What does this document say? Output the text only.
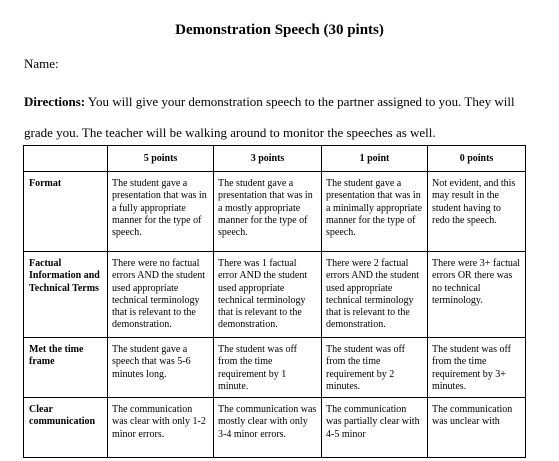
Demonstration Speech (30 pints)
Name:
Directions: You will give your demonstration speech to the partner assigned to you. They will grade you. The teacher will be walking around to monitor the speeches as well.
	5 points	3 points	1 point	0 points
Format	The student gave a presentation that was in a fully appropriate manner for the type of speech.	The student gave a presentation that was in a mostly appropriate manner for the type of speech.	The student gave a presentation that was in a minimally appropriate manner for the type of speech.	Not evident, and this may result in the student having to redo the speech.
Factual Information and Technical Terms	There were no factual errors AND the student used appropriate technical terminology that is relevant to the demonstration.	There was 1 factual error AND the student used appropriate technical terminology that is relevant to the demonstration.	There were 2 factual errors AND the student used appropriate technical terminology that is relevant to the demonstration.	There were 3+ factual errors OR there was no technical terminology.
Met the time frame	The student gave a speech that was 5-6 minutes long.	The student was off from the time requirement by 1 minute.	The student was off from the time requirement by 2 minutes.	The student was off from the time requirement by 3+ minutes.
Clear communication	The communication was clear with only 1-2 minor errors.	The communication was mostly clear with only 3-4 minor errors.	The communication was partially clear with 4-5 minor	The communication was unclear with
